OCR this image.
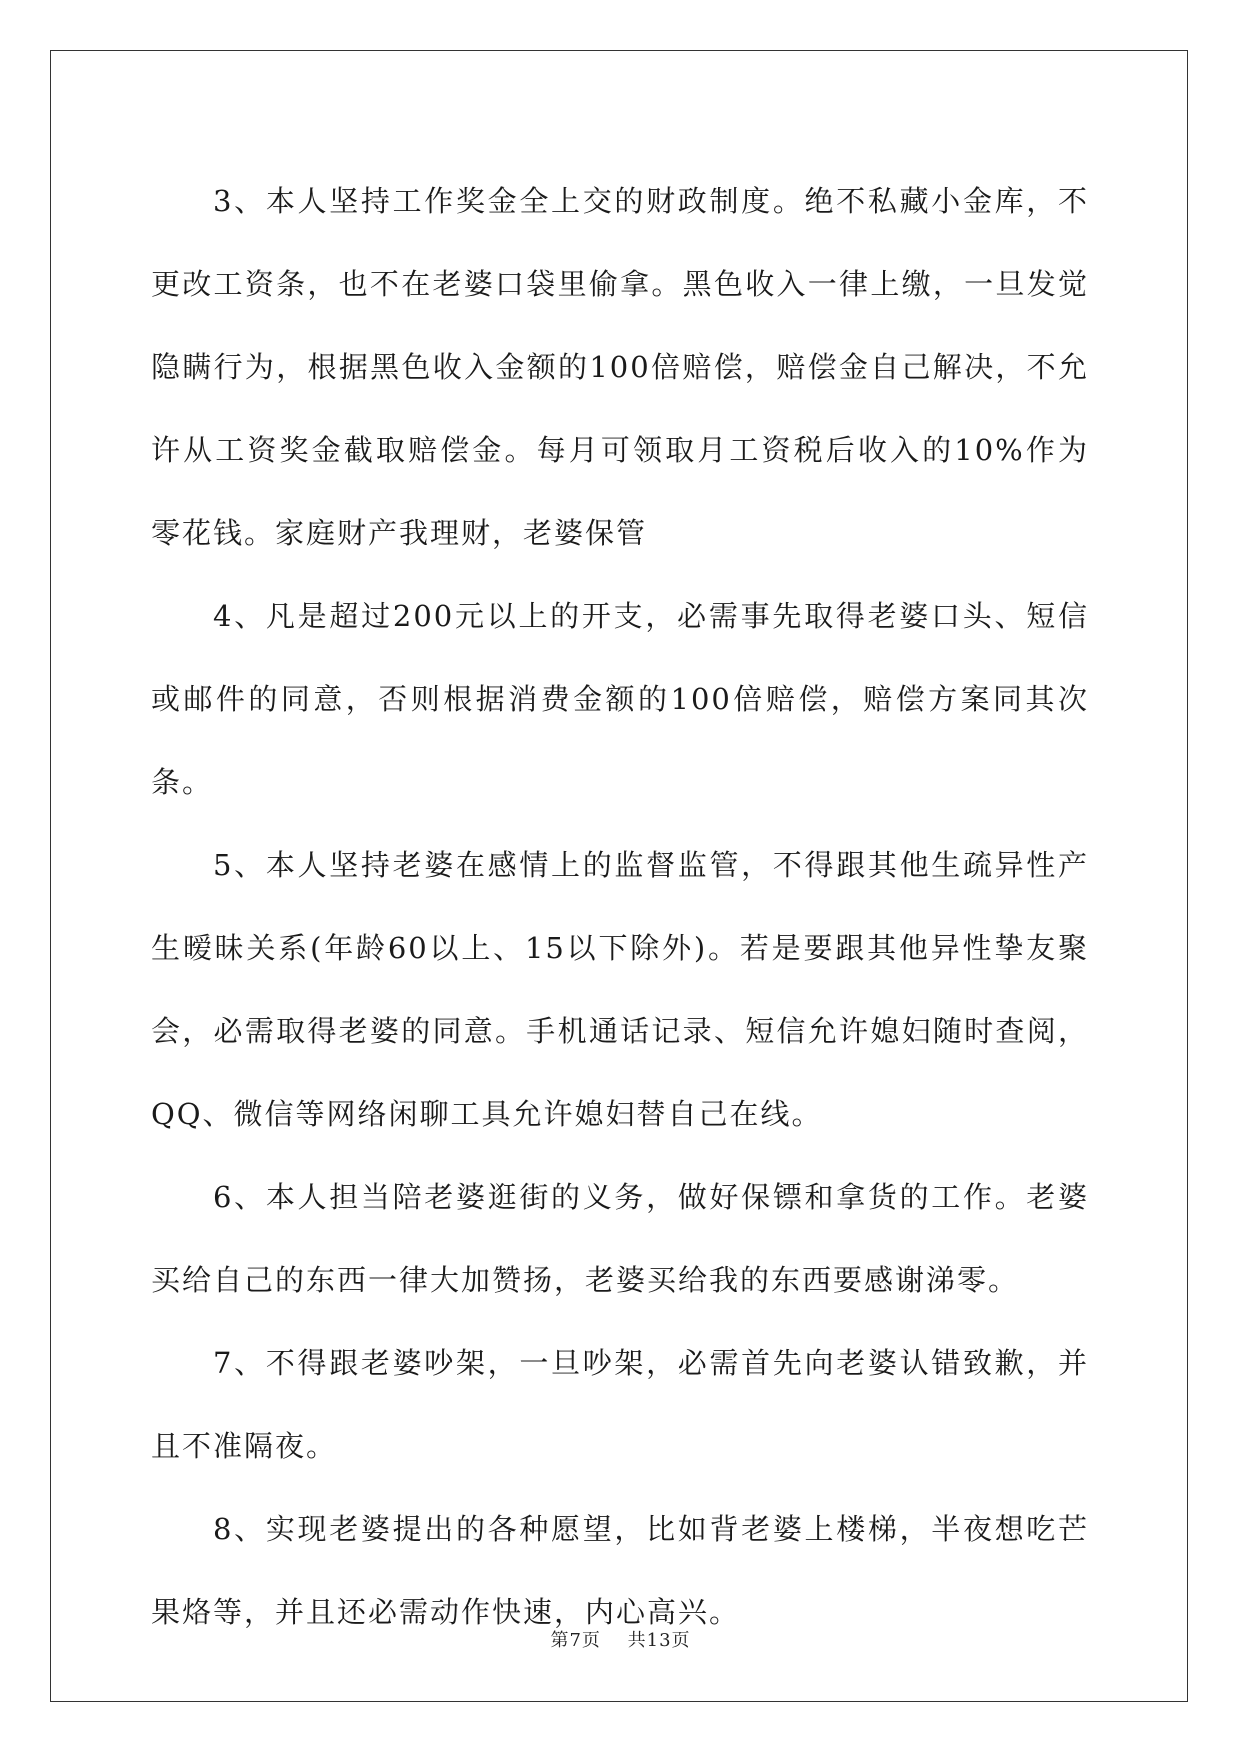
3、本人坚持工作奖金全上交的财政制度。绝不私藏小金库，不更改工资条，也不在老婆口袋里偷拿。黑色收入一律上缴，一旦发觉隐瞒行为，根据黑色收入金额的100倍赔偿，赔偿金自己解决，不允许从工资奖金截取赔偿金。每月可领取月工资税后收入的10%作为零花钱。家庭财产我理财，老婆保管

4、凡是超过200元以上的开支，必需事先取得老婆口头、短信或邮件的同意，否则根据消费金额的100倍赔偿，赔偿方案同其次条。

5、本人坚持老婆在感情上的监督监管，不得跟其他生疏异性产生暧昧关系(年龄60以上、15以下除外)。若是要跟其他异性挚友聚会，必需取得老婆的同意。手机通话记录、短信允许媳妇随时查阅，QQ、微信等网络闲聊工具允许媳妇替自己在线。

6、本人担当陪老婆逛街的义务，做好保镖和拿货的工作。老婆买给自己的东西一律大加赞扬，老婆买给我的东西要感谢涕零。

7、不得跟老婆吵架，一旦吵架，必需首先向老婆认错致歉，并且不准隔夜。

8、实现老婆提出的各种愿望，比如背老婆上楼梯，半夜想吃芒果烙等，并且还必需动作快速，内心高兴。

第7页 共13页
